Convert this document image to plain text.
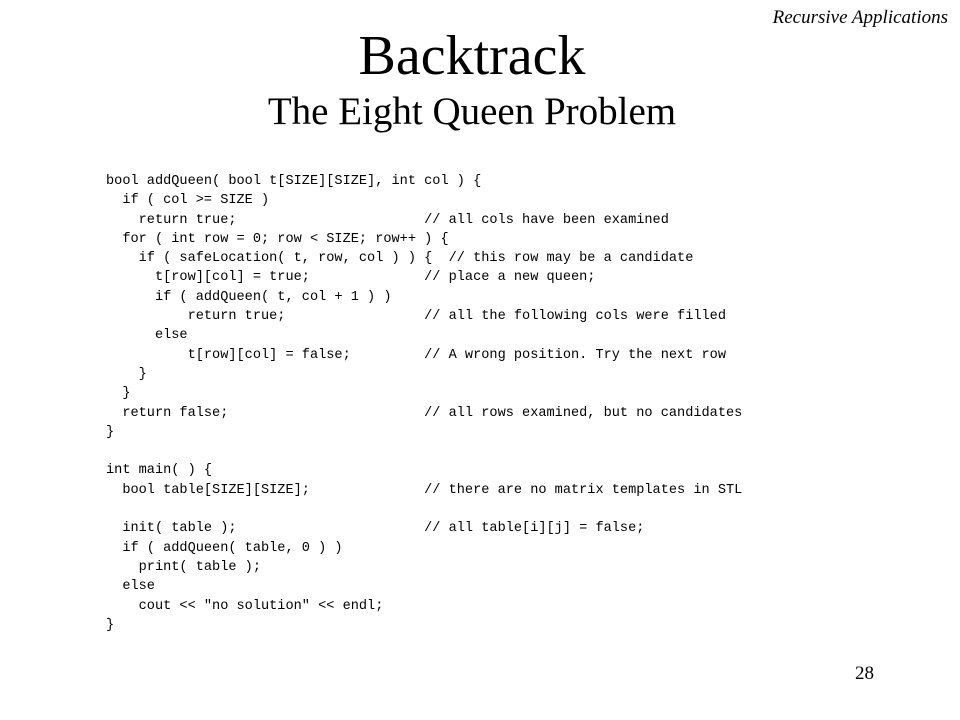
Recursive Applications
Backtrack
The Eight Queen Problem
bool addQueen( bool t[SIZE][SIZE], int col ) {
if ( col >= SIZE )
return true;                       // all cols have been examined
for ( int row = 0; row < SIZE; row++ ) {
if ( safeLocation( t, row, col ) ) {  // this row may be a candidate
t[row][col] = true;              // place a new queen;
if ( addQueen( t, col + 1 ) )
return true;                 // all the following cols were filled
else
t[row][col] = false;         // A wrong position. Try the next row
}
}
return false;                        // all rows examined, but no candidates
}
int main( ) {
bool table[SIZE][SIZE];              // there are no matrix templates in STL
init( table );                       // all table[i][j] = false;
if ( addQueen( table, 0 ) )
print( table );
else
cout << "no solution" << endl;
}
28
